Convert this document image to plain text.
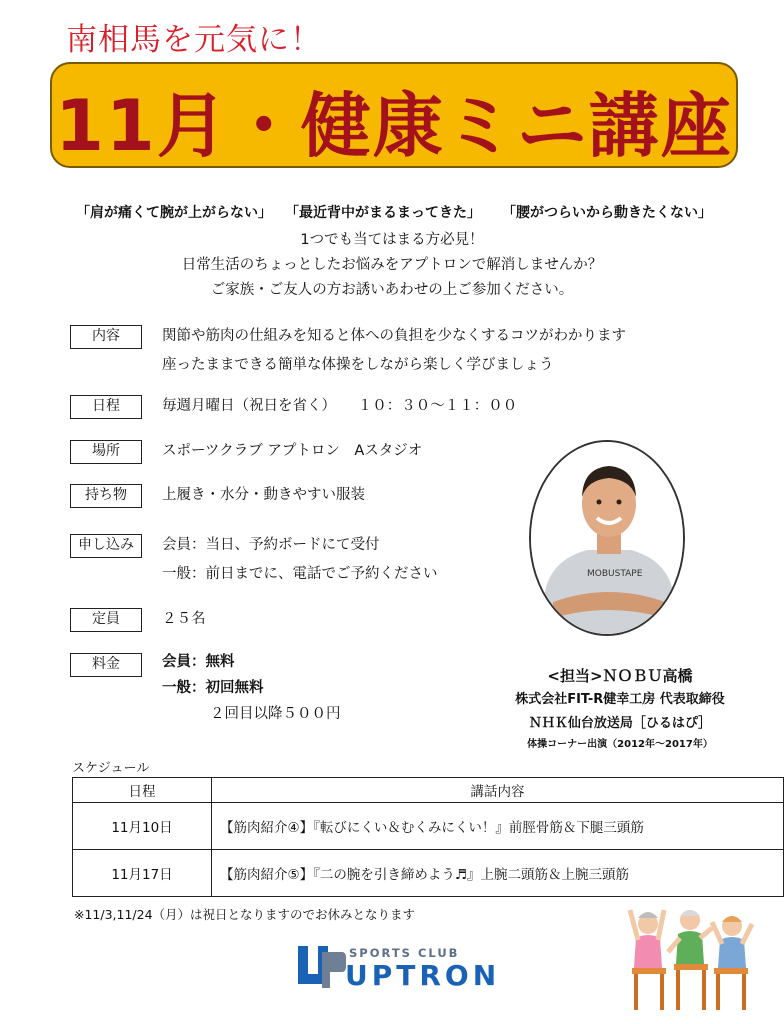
南相馬を元気に！
11月・健康ミニ講座
「肩が痛くて腕が上がらない」 「最近背中がまるまってきた」 「腰がつらいから動きたくない」
1つでも当てはまる方必見！
日常生活のちょっとしたお悩みをアプトロンで解消しませんか？
ご家族・ご友人の方お誘いあわせの上ご参加ください。
内容	関節や筋肉の仕組みを知ると体への負担を少なくするコツがわかります
座ったままできる簡単な体操をしながら楽しく学びましょう
日程	毎週月曜日（祝日を省く）　　１０：３０～１１：００
場所	スポーツクラブ アプトロン　Aスタジオ
持ち物	上履き・水分・動きやすい服装
申し込み	会員：当日、予約ボードにて受付
一般：前日までに、電話でご予約ください
定員	２５名
料金	会員：無料
一般：初回無料
２回目以降５００円
MOBUSTAPE
<担当>ＮＯＢＵ高橋
株式会社FIT-R健幸工房 代表取締役
ＮＨＫ仙台放送局［ひるはぴ］
体操コーナー出演（2012年～2017年）
スケジュール
日程	講話内容
11月10日	【筋肉紹介④】『転びにくい＆むくみにくい！』前脛骨筋＆下腿三頭筋
11月17日	【筋肉紹介⑤】『二の腕を引き締めよう♬』上腕二頭筋＆上腕三頭筋
※11/3,11/24（月）は祝日となりますのでお休みとなります
SPORTS CLUB
UPTRON
